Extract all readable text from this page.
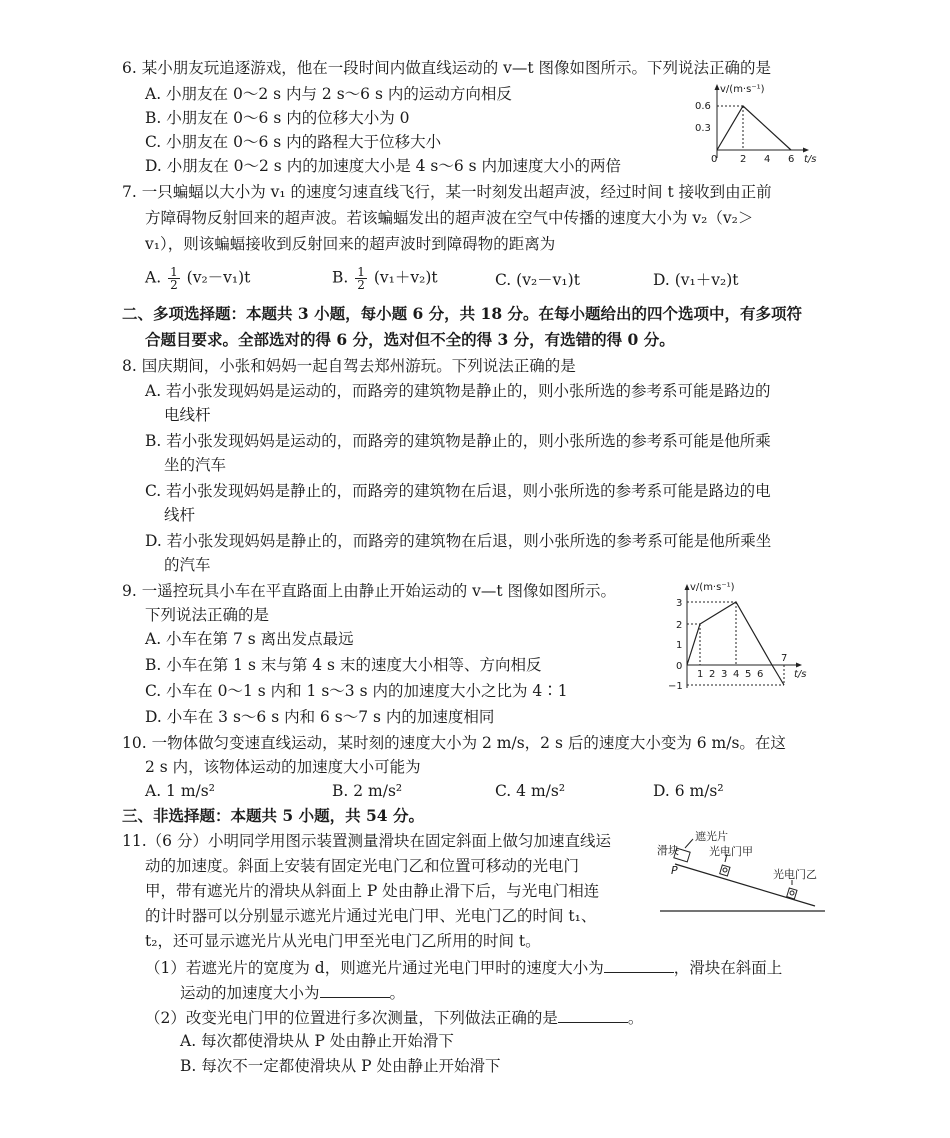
6. 某小朋友玩追逐游戏，他在一段时间内做直线运动的 v—t 图像如图所示。下列说法正确的是
A. 小朋友在 0～2 s 内与 2 s～6 s 内的运动方向相反
B. 小朋友在 0～6 s 内的位移大小为 0
C. 小朋友在 0～6 s 内的路程大于位移大小
D. 小朋友在 0～2 s 内的加速度大小是 4 s～6 s 内加速度大小的两倍
v/(m·s⁻¹)
0.6
0.3
0 2 4 6 t/s
7. 一只蝙蝠以大小为 v₁ 的速度匀速直线飞行，某一时刻发出超声波，经过时间 t 接收到由正前
方障碍物反射回来的超声波。若该蝙蝠发出的超声波在空气中传播的速度大小为 v₂（v₂＞
v₁），则该蝙蝠接收到反射回来的超声波时到障碍物的距离为
A. $\frac{1}{2} (v_2-v_1)t$	B. $\frac{1}{2} (v_1+v_2)t$	C. (v₂－v₁)t	D. (v₁＋v₂)t
二、多项选择题：本题共 3 小题，每小题 6 分，共 18 分。在每小题给出的四个选项中，有多项符
合题目要求。全部选对的得 6 分，选对但不全的得 3 分，有选错的得 0 分。
8. 国庆期间，小张和妈妈一起自驾去郑州游玩。下列说法正确的是
A. 若小张发现妈妈是运动的，而路旁的建筑物是静止的，则小张所选的参考系可能是路边的
电线杆
B. 若小张发现妈妈是运动的，而路旁的建筑物是静止的，则小张所选的参考系可能是他所乘
坐的汽车
C. 若小张发现妈妈是静止的，而路旁的建筑物在后退，则小张所选的参考系可能是路边的电
线杆
D. 若小张发现妈妈是静止的，而路旁的建筑物在后退，则小张所选的参考系可能是他所乘坐
的汽车
9. 一遥控玩具小车在平直路面上由静止开始运动的 v—t 图像如图所示。
下列说法正确的是
A. 小车在第 7 s 离出发点最远
B. 小车在第 1 s 末与第 4 s 末的速度大小相等、方向相反
C. 小车在 0～1 s 内和 1 s～3 s 内的加速度大小之比为 4∶1
D. 小车在 3 s～6 s 内和 6 s～7 s 内的加速度相同
v/(m·s⁻¹)
3
2
1
−1
0
1 2 3 4 5 6
7
t/s
10. 一物体做匀变速直线运动，某时刻的速度大小为 2 m/s，2 s 后的速度大小变为 6 m/s。在这
2 s 内，该物体运动的加速度大小可能为
A. 1 m/s²	B. 2 m/s²	C. 4 m/s²	D. 6 m/s²
三、非选择题：本题共 5 小题，共 54 分。
11.（6 分）小明同学用图示装置测量滑块在固定斜面上做匀加速直线运
动的加速度。斜面上安装有固定光电门乙和位置可移动的光电门
甲，带有遮光片的滑块从斜面上 P 处由静止滑下后，与光电门相连
的计时器可以分别显示遮光片通过光电门甲、光电门乙的时间 t₁、
t₂，还可显示遮光片从光电门甲至光电门乙所用的时间 t。
（1）若遮光片的宽度为 d，则遮光片通过光电门甲时的速度大小为	，滑块在斜面上
运动的加速度大小为	。
（2）改变光电门甲的位置进行多次测量，下列做法正确的是	。
A. 每次都使滑块从 P 处由静止开始滑下
B. 每次不一定都使滑块从 P 处由静止开始滑下
遮光片
滑块
P
光电门甲
光电门乙
